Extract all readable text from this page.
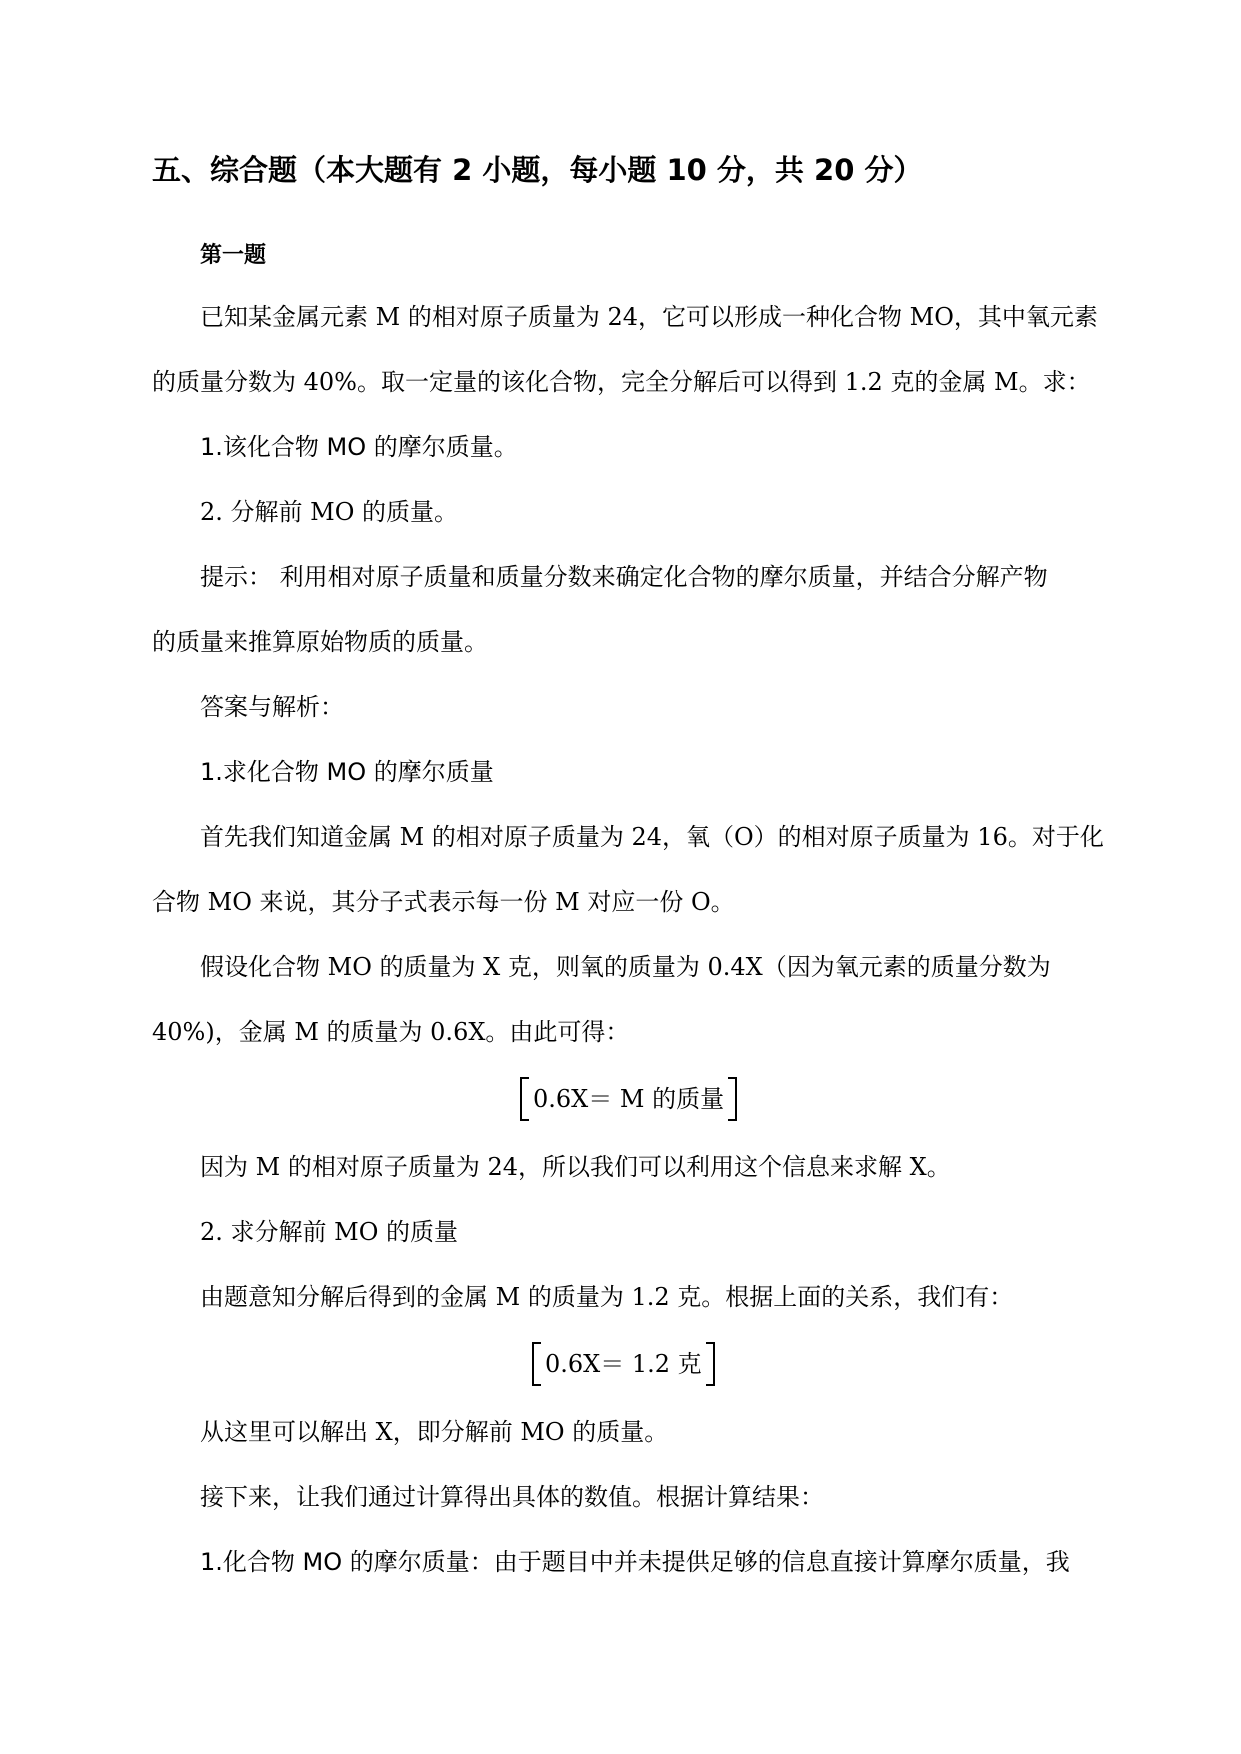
五、综合题（本大题有 2 小题，每小题 10 分，共 20 分）
第一题
已知某金属元素 M 的相对原子质量为 24，它可以形成一种化合物 MO，其中氧元素
的质量分数为 40%。取一定量的该化合物，完全分解后可以得到 1.2 克的金属 M。求：
1.该化合物 MO 的摩尔质量。
2. 分解前 MO 的质量。
提示： 利用相对原子质量和质量分数来确定化合物的摩尔质量，并结合分解产物
的质量来推算原始物质的质量。
答案与解析：
1.求化合物 MO 的摩尔质量
首先我们知道金属 M 的相对原子质量为 24，氧（O）的相对原子质量为 16。对于化
合物 MO 来说，其分子式表示每一份 M 对应一份 O。
假设化合物 MO 的质量为 X 克，则氧的质量为 0.4X（因为氧元素的质量分数为
40%)，金属 M 的质量为 0.6X。由此可得：
0.6X＝ M 的质量
因为 M 的相对原子质量为 24，所以我们可以利用这个信息来求解 X。
2. 求分解前 MO 的质量
由题意知分解后得到的金属 M 的质量为 1.2 克。根据上面的关系，我们有：
0.6X＝ 1.2 克
从这里可以解出 X，即分解前 MO 的质量。
接下来，让我们通过计算得出具体的数值。根据计算结果：
1.化合物 MO 的摩尔质量：由于题目中并未提供足够的信息直接计算摩尔质量，我
